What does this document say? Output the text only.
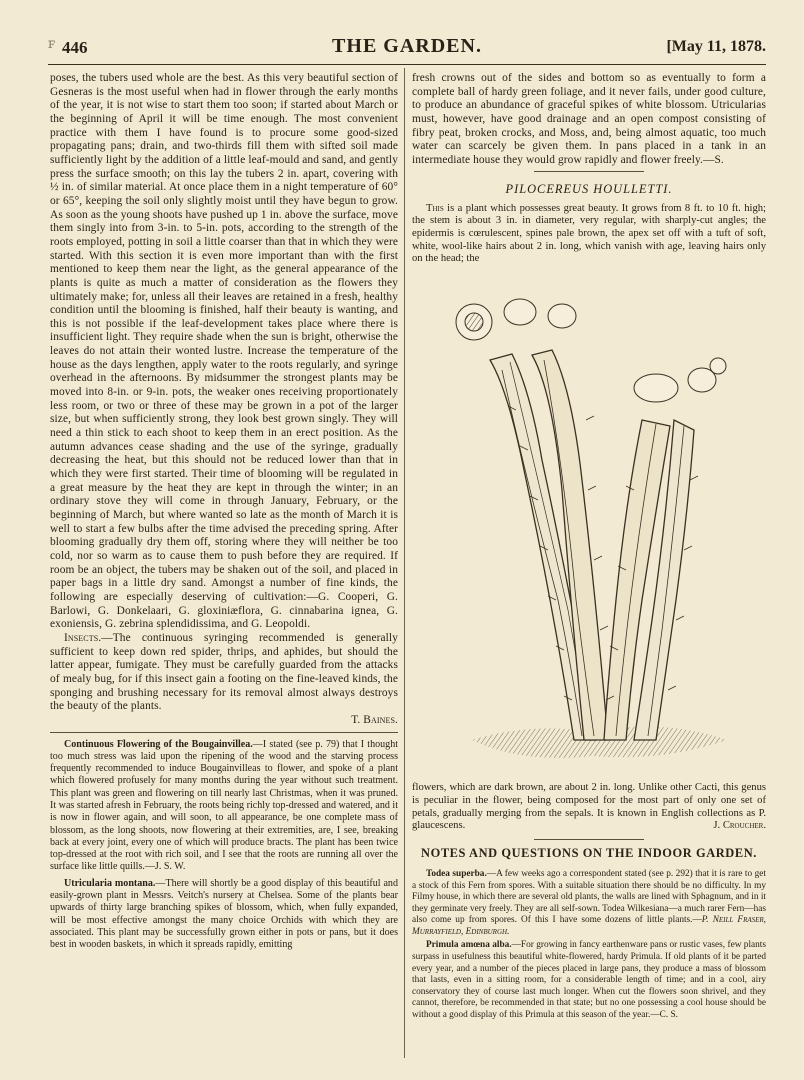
ꜰ 446	THE GARDEN.	[May 11, 1878.

poses, the tubers used whole are the best. As this very beautiful section of Gesneras is the most useful when had in flower through the early months of the year, it is not wise to start them too soon; if started about March or the beginning of April it will be time enough. The most convenient practice with them I have found is to procure some good-sized propagating pans; drain, and two-thirds fill them with sifted soil made sufficiently light by the addition of a little leaf-mould and sand, and gently press the surface smooth; on this lay the tubers 2 in. apart, covering with ½ in. of similar material. At once place them in a night temperature of 60° or 65°, keeping the soil only slightly moist until they have begun to grow. As soon as the young shoots have pushed up 1 in. above the surface, move them singly into from 3-in. to 5-in. pots, according to the strength of the roots employed, potting in soil a little coarser than that in which they were started. With this section it is even more important than with the first mentioned to keep them near the light, as the general appearance of the plants is quite as much a matter of consideration as the flowers they ultimately make; for, unless all their leaves are retained in a fresh, healthy condition until the blooming is finished, half their beauty is wanting, and this is not possible if the leaf-development takes place where there is insufficient light. They require shade when the sun is bright, otherwise the leaves do not attain their wonted lustre. Increase the temperature of the house as the days lengthen, apply water to the roots regularly, and syringe overhead in the afternoons. By midsummer the strongest plants may be moved into 8-in. or 9-in. pots, the weaker ones receiving proportionately less room, or two or three of these may be grown in a pot of the larger size, but when sufficiently strong, they look best grown singly. They will need a thin stick to each shoot to keep them in an erect position. As the autumn advances cease shading and the use of the syringe, gradually decreasing the heat, but this should not be reduced lower than that in which they were first started. Their time of blooming will be regulated in a great measure by the heat they are kept in through the winter; in an ordinary stove they will come in through January, February, or the beginning of March, but where wanted so late as the month of March it is well to start a few bulbs after the time advised the preceding spring. After blooming gradually dry them off, storing where they will neither be too cold, nor so warm as to cause them to push before they are required. If room be an object, the tubers may be shaken out of the soil, and placed in paper bags in a little dry sand. Amongst a number of fine kinds, the following are especially deserving of cultivation:—G. Cooperi, G. Barlowi, G. Donkelaari, G. gloxiniæflora, G. cinnabarina ignea, G. exoniensis, G. zebrina splendidissima, and G. Leopoldi.

Insects.—The continuous syringing recommended is generally sufficient to keep down red spider, thrips, and aphides, but should the latter appear, fumigate. They must be carefully guarded from the attacks of mealy bug, for if this insect gain a footing on the fine-leaved kinds, the sponging and brushing necessary for its removal almost always destroys the beauty of the plants.

T. Baines.

Continuous Flowering of the Bougainvillea.—I stated (see p. 79) that I thought too much stress was laid upon the ripening of the wood and the starving process frequently recommended to induce Bougainvilleas to flower, and spoke of a plant which flowered profusely for many months during the year without such treatment. This plant was green and flowering on till nearly last Christmas, when it was pruned. It was started afresh in February, the roots being richly top-dressed and watered, and it is now in flower again, and will soon, to all appearance, be one complete mass of blossom, as the long shoots, now flowering at their extremities, are, I see, breaking back at every joint, every one of which will produce bracts. The plant has been twice top-dressed at the root with rich soil, and I see that the roots are running all over the surface like little quills.—J. S. W.

Utricularia montana.—There will shortly be a good display of this beautiful and easily-grown plant in Messrs. Veitch's nursery at Chelsea. Some of the plants bear upwards of thirty large branching spikes of blossom, which, when fully expanded, will be most effective amongst the many choice Orchids with which they are associated. This plant may be successfully grown either in pots or pans, but it does best in wooden baskets, in which it spreads rapidly, emitting

fresh crowns out of the sides and bottom so as eventually to form a complete ball of hardy green foliage, and it never fails, under good culture, to produce an abundance of graceful spikes of white blossom. Utricularias must, however, have good drainage and an open compost consisting of fibry peat, broken crocks, and Moss, and, being almost aquatic, too much water can scarcely be given them. In pans placed in a tank in an intermediate house they would grow rapidly and flower freely.—S.

PILOCEREUS HOULLETTI.

This is a plant which possesses great beauty. It grows from 8 ft. to 10 ft. high; the stem is about 3 in. in diameter, very regular, with sharply-cut angles; the epidermis is cœrulescent, spines pale brown, the apex set off with a tuft of soft, white, wool-like hairs about 2 in. long, which vanish with age, leaving hairs only on the head; the

flowers, which are dark brown, are about 2 in. long. Unlike other Cacti, this genus is peculiar in the flower, being composed for the most part of only one set of petals, gradually merging from the sepals. It is known in English collections as P. glaucescens.	J. Croucher.

NOTES AND QUESTIONS ON THE INDOOR GARDEN.

Todea superba.—A few weeks ago a correspondent stated (see p. 292) that it is rare to get a stock of this Fern from spores. With a suitable situation there should be no difficulty. In my Filmy house, in which there are several old plants, the walls are lined with Sphagnum, and in it they germinate very freely. They are all self-sown. Todea Wilkesiana—a much rarer Fern—has also come up from spores. Of this I have some dozens of little plants.—P. Neill Fraser, Murrayfield, Edinburgh.

Primula amœna alba.—For growing in fancy earthenware pans or rustic vases, few plants surpass in usefulness this beautiful white-flowered, hardy Primula. If old plants of it be parted every year, and a number of the pieces placed in large pans, they produce a mass of blossom that lasts, even in a sitting room, for a considerable length of time; and in a cool, airy conservatory they of course last much longer. When cut the flowers soon shrivel, and they cannot, therefore, be recommended in that state; but no one possessing a cool house should be without a good display of this Primula at this season of the year.—C. S.
